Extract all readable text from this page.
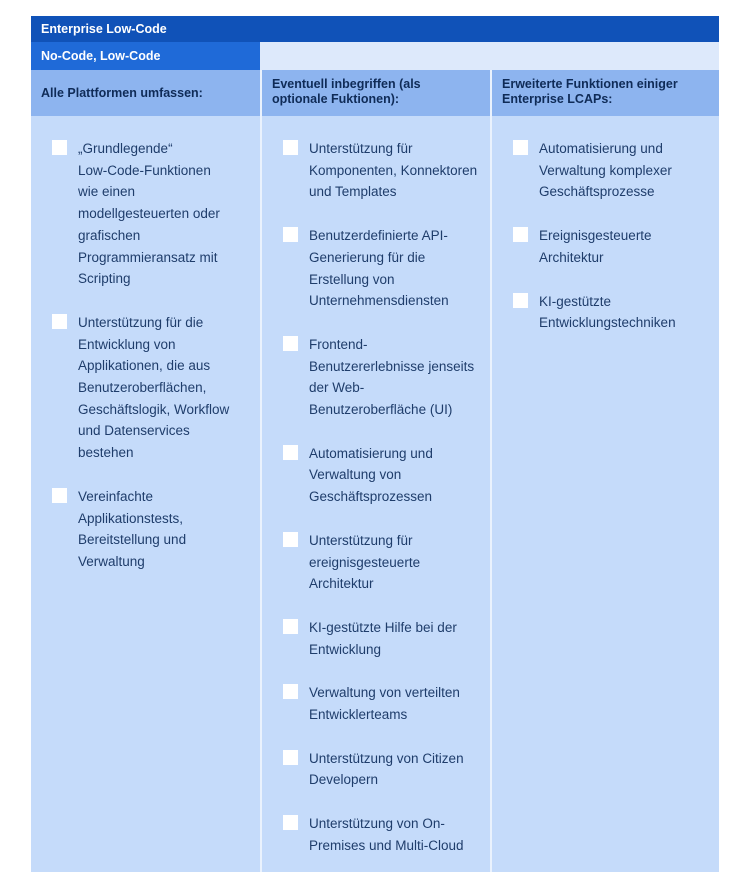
Enterprise Low-Code
No-Code, Low-Code
Alle Plattformen umfassen:
Eventuell inbegriffen (als
optionale Fuktionen):
Erweiterte Funktionen einiger
Enterprise LCAPs:
„Grundlegende“
Low-Code-Funktionen
wie einen
modellgesteuerten oder
grafischen
Programmieransatz mit
Scripting
Unterstützung für die
Entwicklung von
Applikationen, die aus
Benutzeroberflächen,
Geschäftslogik, Workflow
und Datenservices
bestehen
Vereinfachte
Applikationstests,
Bereitstellung und
Verwaltung
Unterstützung für
Komponenten, Konnektoren
und Templates
Benutzerdefinierte API-
Generierung für die
Erstellung von
Unternehmensdiensten
Frontend-
Benutzererlebnisse jenseits
der Web-
Benutzeroberfläche (UI)
Automatisierung und
Verwaltung von
Geschäftsprozessen
Unterstützung für
ereignisgesteuerte
Architektur
KI-gestützte Hilfe bei der
Entwicklung
Verwaltung von verteilten
Entwicklerteams
Unterstützung von Citizen
Developern
Unterstützung von On-
Premises und Multi-Cloud
Automatisierung und
Verwaltung komplexer
Geschäftsprozesse
Ereignisgesteuerte
Architektur
KI-gestützte
Entwicklungstechniken
